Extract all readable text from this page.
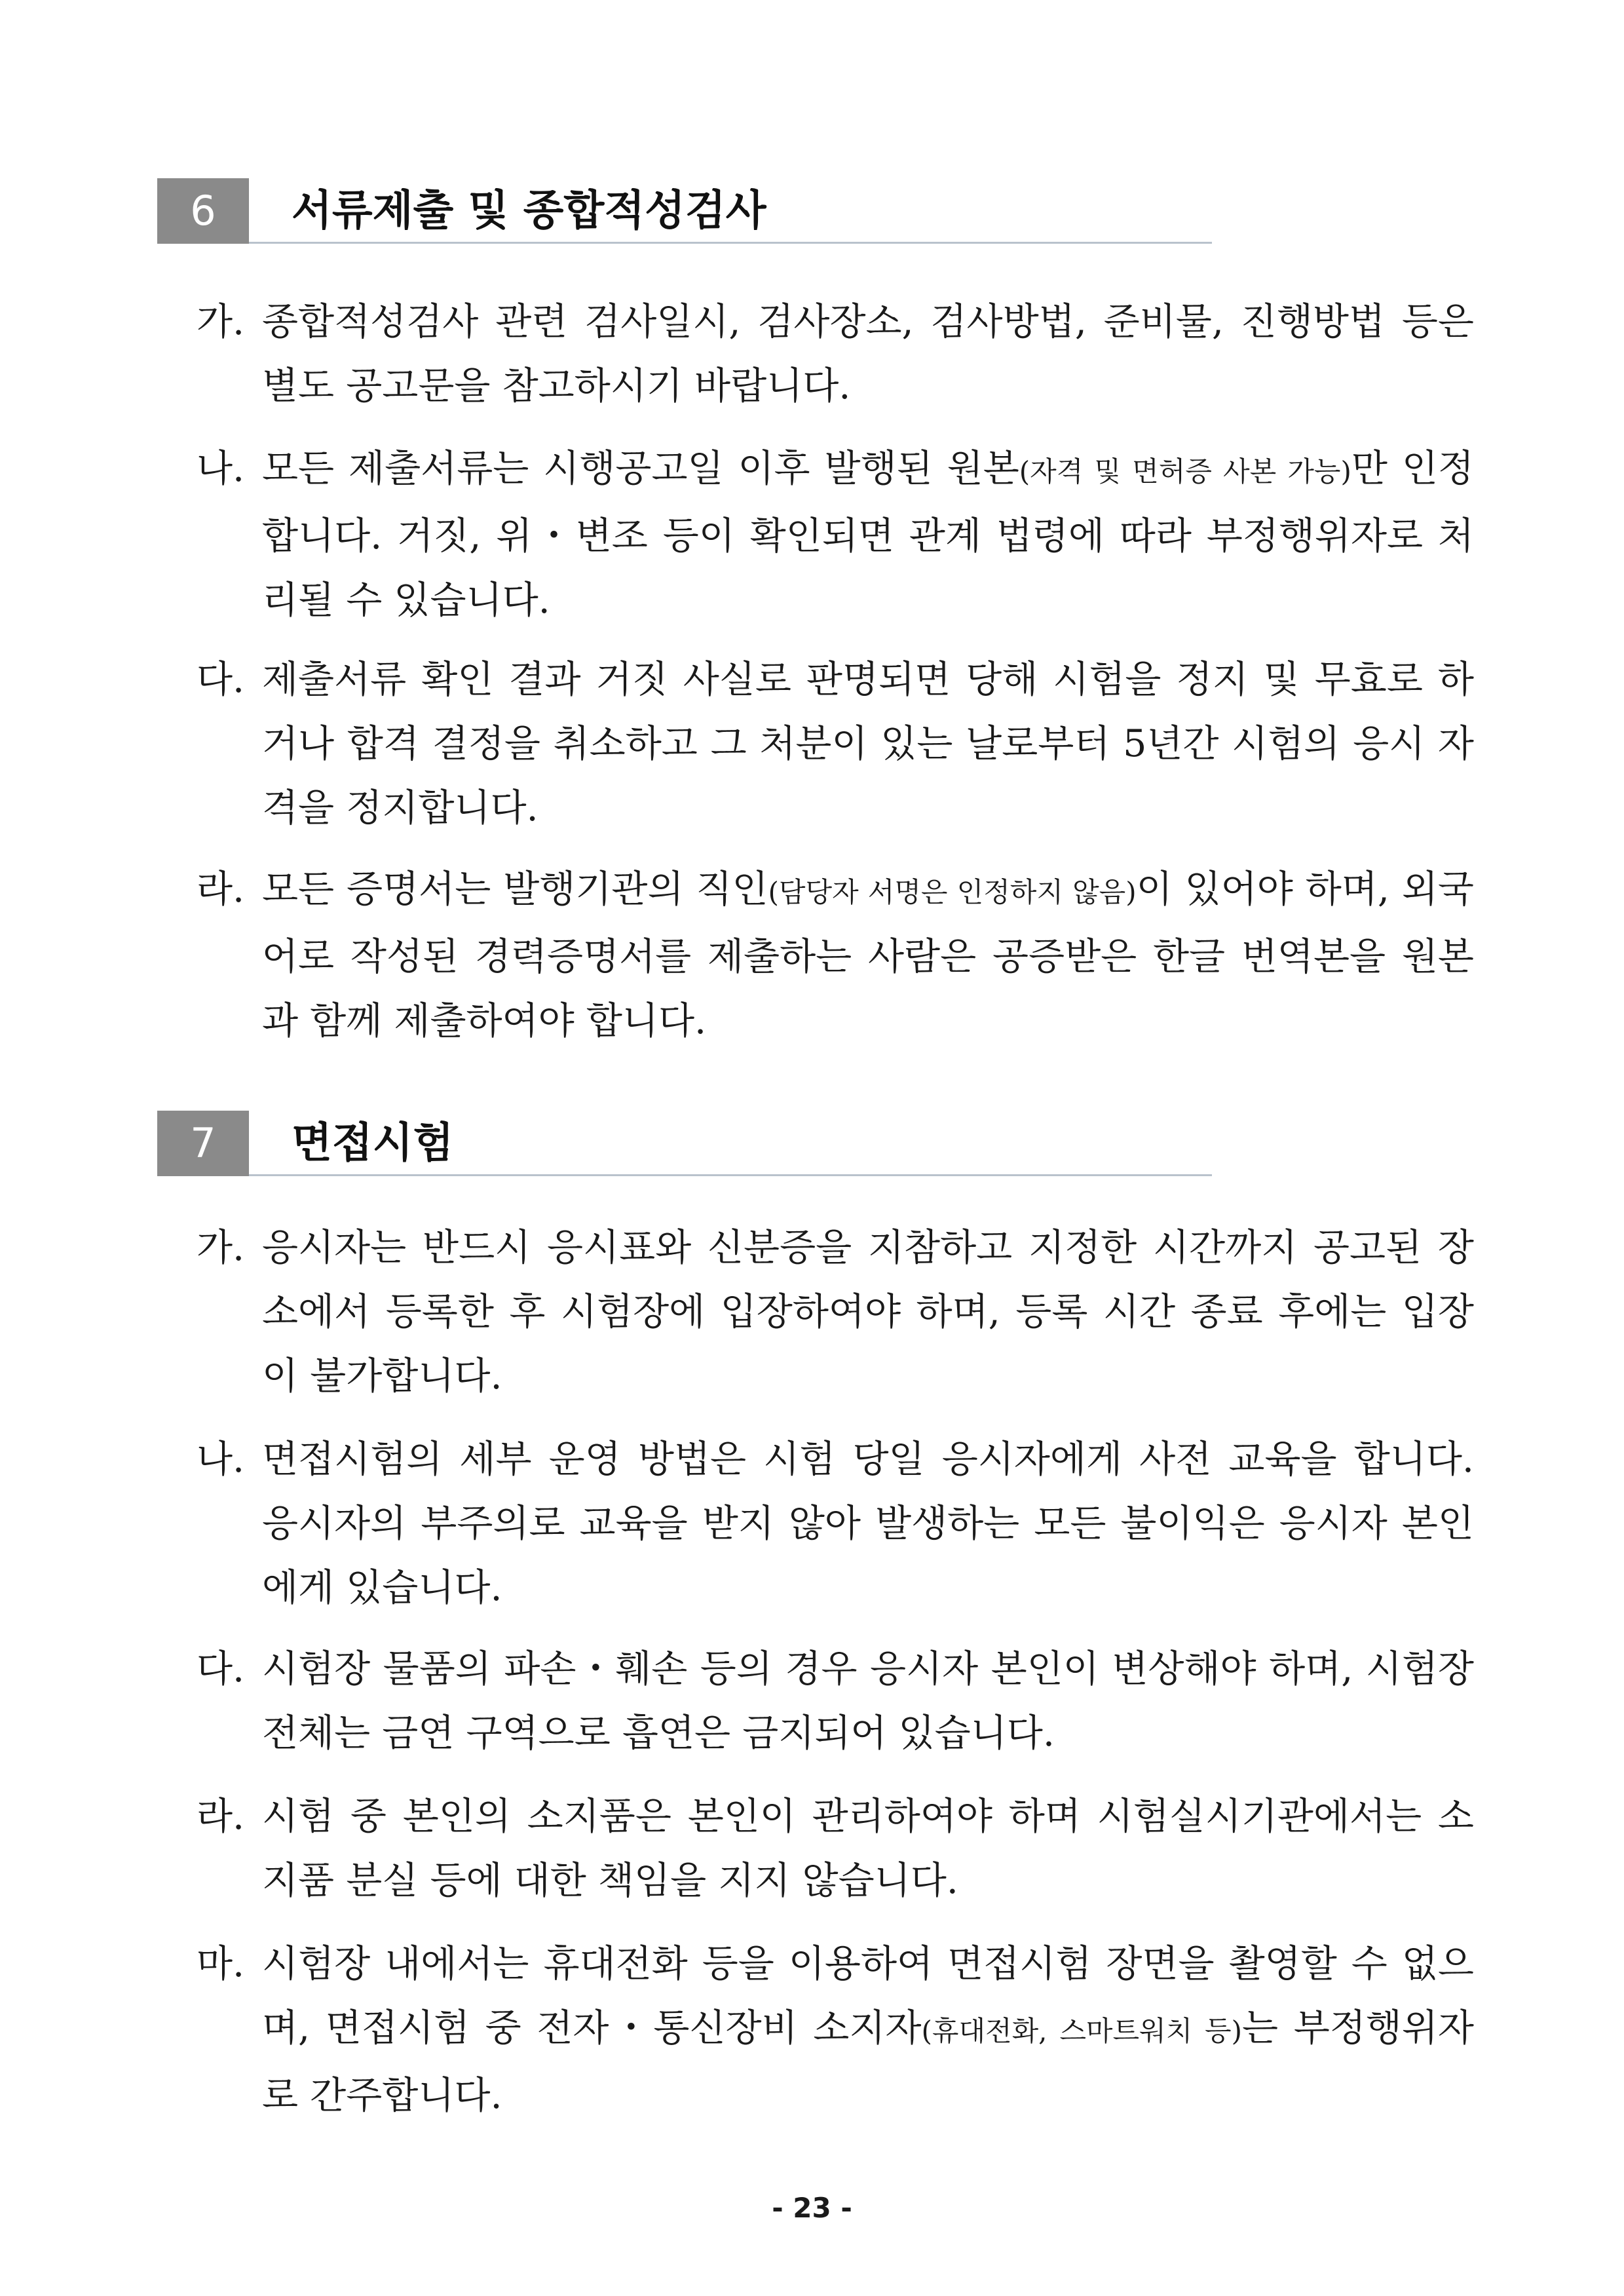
6	서류제출 및 종합적성검사
가. 종합적성검사 관련 검사일시, 검사장소, 검사방법, 준비물, 진행방법 등은 별도 공고문을 참고하시기 바랍니다.
나. 모든 제출서류는 시행공고일 이후 발행된 원본(자격 및 면허증 사본 가능)만 인정합니다. 거짓, 위・변조 등이 확인되면 관계 법령에 따라 부정행위자로 처리될 수 있습니다.
다. 제출서류 확인 결과 거짓 사실로 판명되면 당해 시험을 정지 및 무효로 하거나 합격 결정을 취소하고 그 처분이 있는 날로부터 5년간 시험의 응시 자격을 정지합니다.
라. 모든 증명서는 발행기관의 직인(담당자 서명은 인정하지 않음)이 있어야 하며, 외국어로 작성된 경력증명서를 제출하는 사람은 공증받은 한글 번역본을 원본과 함께 제출하여야 합니다.
7	면접시험
가. 응시자는 반드시 응시표와 신분증을 지참하고 지정한 시간까지 공고된 장소에서 등록한 후 시험장에 입장하여야 하며, 등록 시간 종료 후에는 입장이 불가합니다.
나. 면접시험의 세부 운영 방법은 시험 당일 응시자에게 사전 교육을 합니다. 응시자의 부주의로 교육을 받지 않아 발생하는 모든 불이익은 응시자 본인에게 있습니다.
다. 시험장 물품의 파손・훼손 등의 경우 응시자 본인이 변상해야 하며, 시험장 전체는 금연 구역으로 흡연은 금지되어 있습니다.
라. 시험 중 본인의 소지품은 본인이 관리하여야 하며 시험실시기관에서는 소지품 분실 등에 대한 책임을 지지 않습니다.
마. 시험장 내에서는 휴대전화 등을 이용하여 면접시험 장면을 촬영할 수 없으며, 면접시험 중 전자・통신장비 소지자(휴대전화, 스마트워치 등)는 부정행위자로 간주합니다.
- 23 -
